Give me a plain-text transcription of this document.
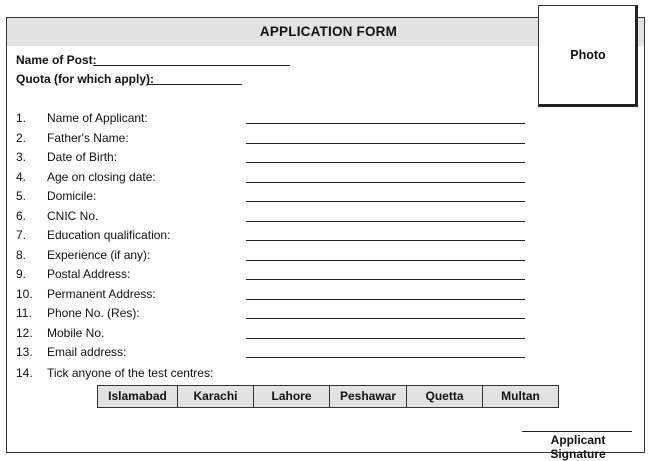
APPLICATION FORM
Photo
Name of Post:
Quota (for which apply):
1. Name of Applicant:
2. Father's Name:
3. Date of Birth:
4. Age on closing date:
5. Domicile:
6. CNIC No.
7. Education qualification:
8. Experience (if any):
9. Postal Address:
10. Permanent Address:
11. Phone No. (Res):
12. Mobile No.
13. Email address:
14. Tick anyone of the test centres:
Islamabad	Karachi	Lahore	Peshawar	Quetta	Multan
Applicant Signature
